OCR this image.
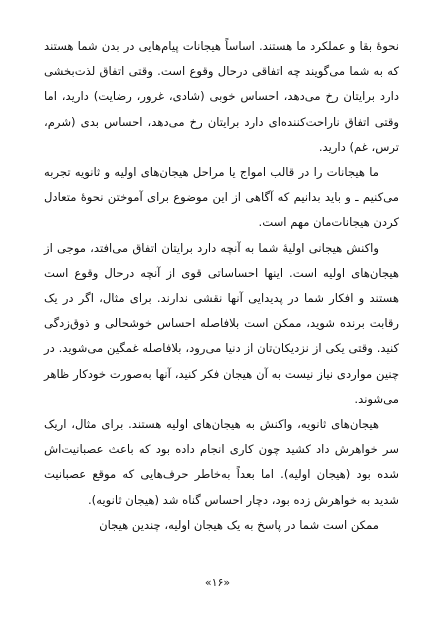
نحوهٔ بقا و عملکرد ما هستند. اساساً هیجانات پیام‌هایی در بدن شما هستند که به شما می‌گویند چه اتفاقی درحال وقوع است. وقتی اتفاق لذت‌بخشی دارد برایتان رخ می‌دهد، احساس خوبی (شادی، غرور، رضایت) دارید، اما وقتی اتفاق ناراحت‌کننده‌ای دارد برایتان رخ می‌دهد، احساس بدی (شرم، ترس، غم) دارید.

ما هیجانات را در قالب امواج یا مراحل هیجان‌های اولیه و ثانویه تجربه می‌کنیم ـ و باید بدانیم که آگاهی از این موضوع برای آموختن نحوهٔ متعادل کردن هیجانات‌مان مهم است.

واکنش هیجانی اولیهٔ شما به آنچه دارد برایتان اتفاق می‌افتد، موجی از هیجان‌های اولیه است. اینها احساساتی قوی از آنچه درحال وقوع است هستند و افکار شما در پدیدایی آنها نقشی ندارند. برای مثال، اگر در یک رقابت برنده شوید، ممکن است بلافاصله احساس خوشحالی و ذوق‌زدگی کنید. وقتی یکی از نزدیکان‌تان از دنیا می‌رود، بلافاصله غمگین می‌شوید. در چنین مواردی نیاز نیست به آن هیجان فکر کنید، آنها به‌صورت خودکار ظاهر می‌شوند.

هیجان‌های ثانویه، واکنش به هیجان‌های اولیه هستند. برای مثال، اریک سر خواهرش داد کشید چون کاری انجام داده بود که باعث عصبانیت‌اش شده بود (هیجان اولیه). اما بعداً به‌خاطر حرف‌هایی که موقع عصبانیت شدید به خواهرش زده بود، دچار احساس گناه شد (هیجان ثانویه).

ممکن است شما در پاسخ به یک هیجان اولیه، چندین هیجان

«۱۶»
